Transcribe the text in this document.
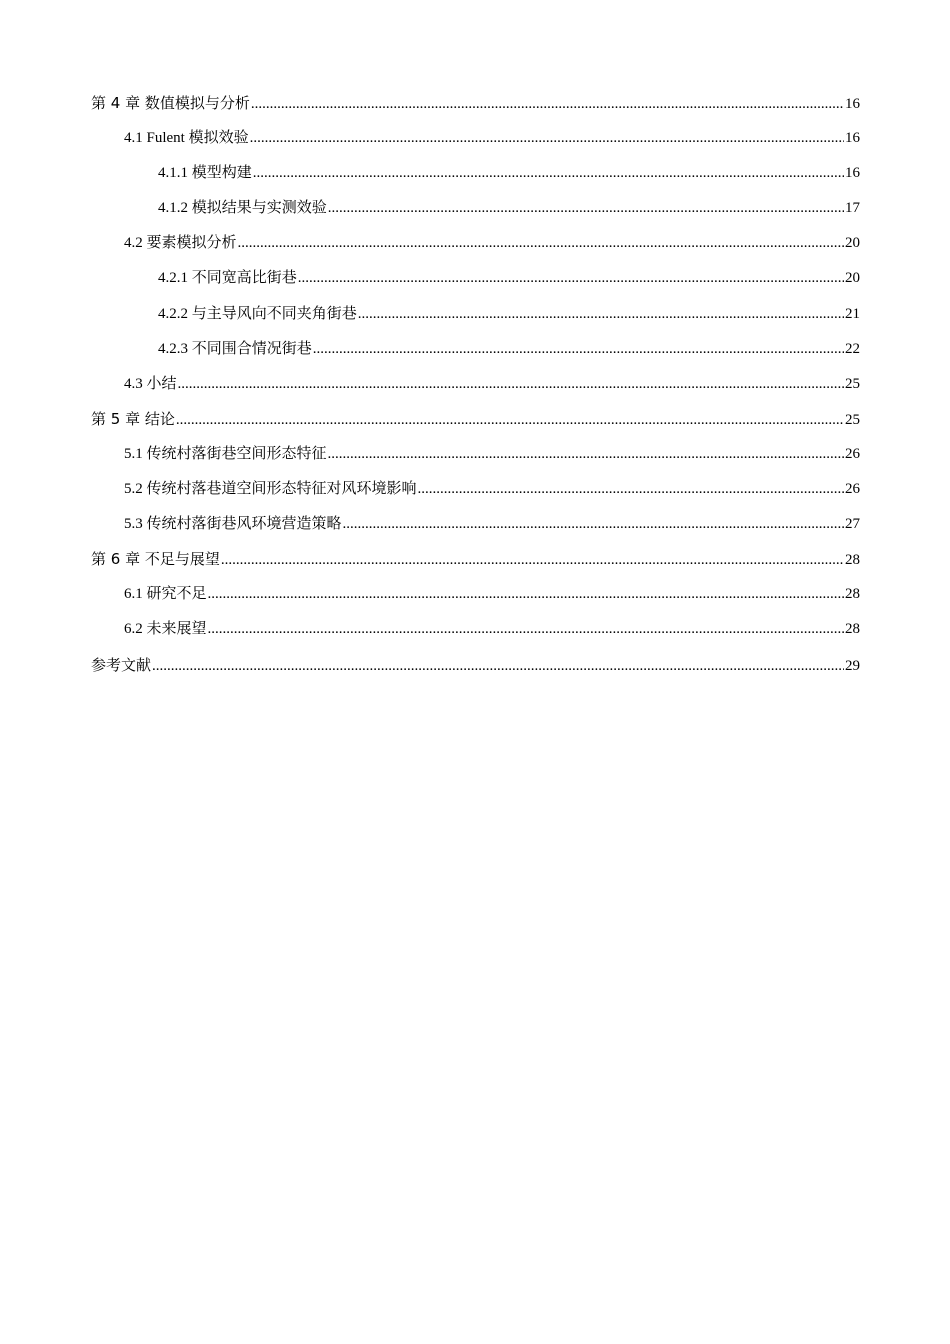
第 4 章 数值模拟与分析 .....	16
4.1 Fulent 模拟效验 .....	16
4.1.1 模型构建 .....	16
4.1.2 模拟结果与实测效验 .....	17
4.2 要素模拟分析 .....	20
4.2.1 不同宽高比街巷 .....	20
4.2.2 与主导风向不同夹角街巷 .....	21
4.2.3 不同围合情况街巷 .....	22
4.3 小结 .....	25
第 5 章 结论 .....	25
5.1 传统村落街巷空间形态特征 .....	26
5.2 传统村落巷道空间形态特征对风环境影响 .....	26
5.3 传统村落街巷风环境营造策略 .....	27
第 6 章 不足与展望 .....	28
6.1 研究不足 .....	28
6.2 未来展望 .....	28
参考文献 .....	29
